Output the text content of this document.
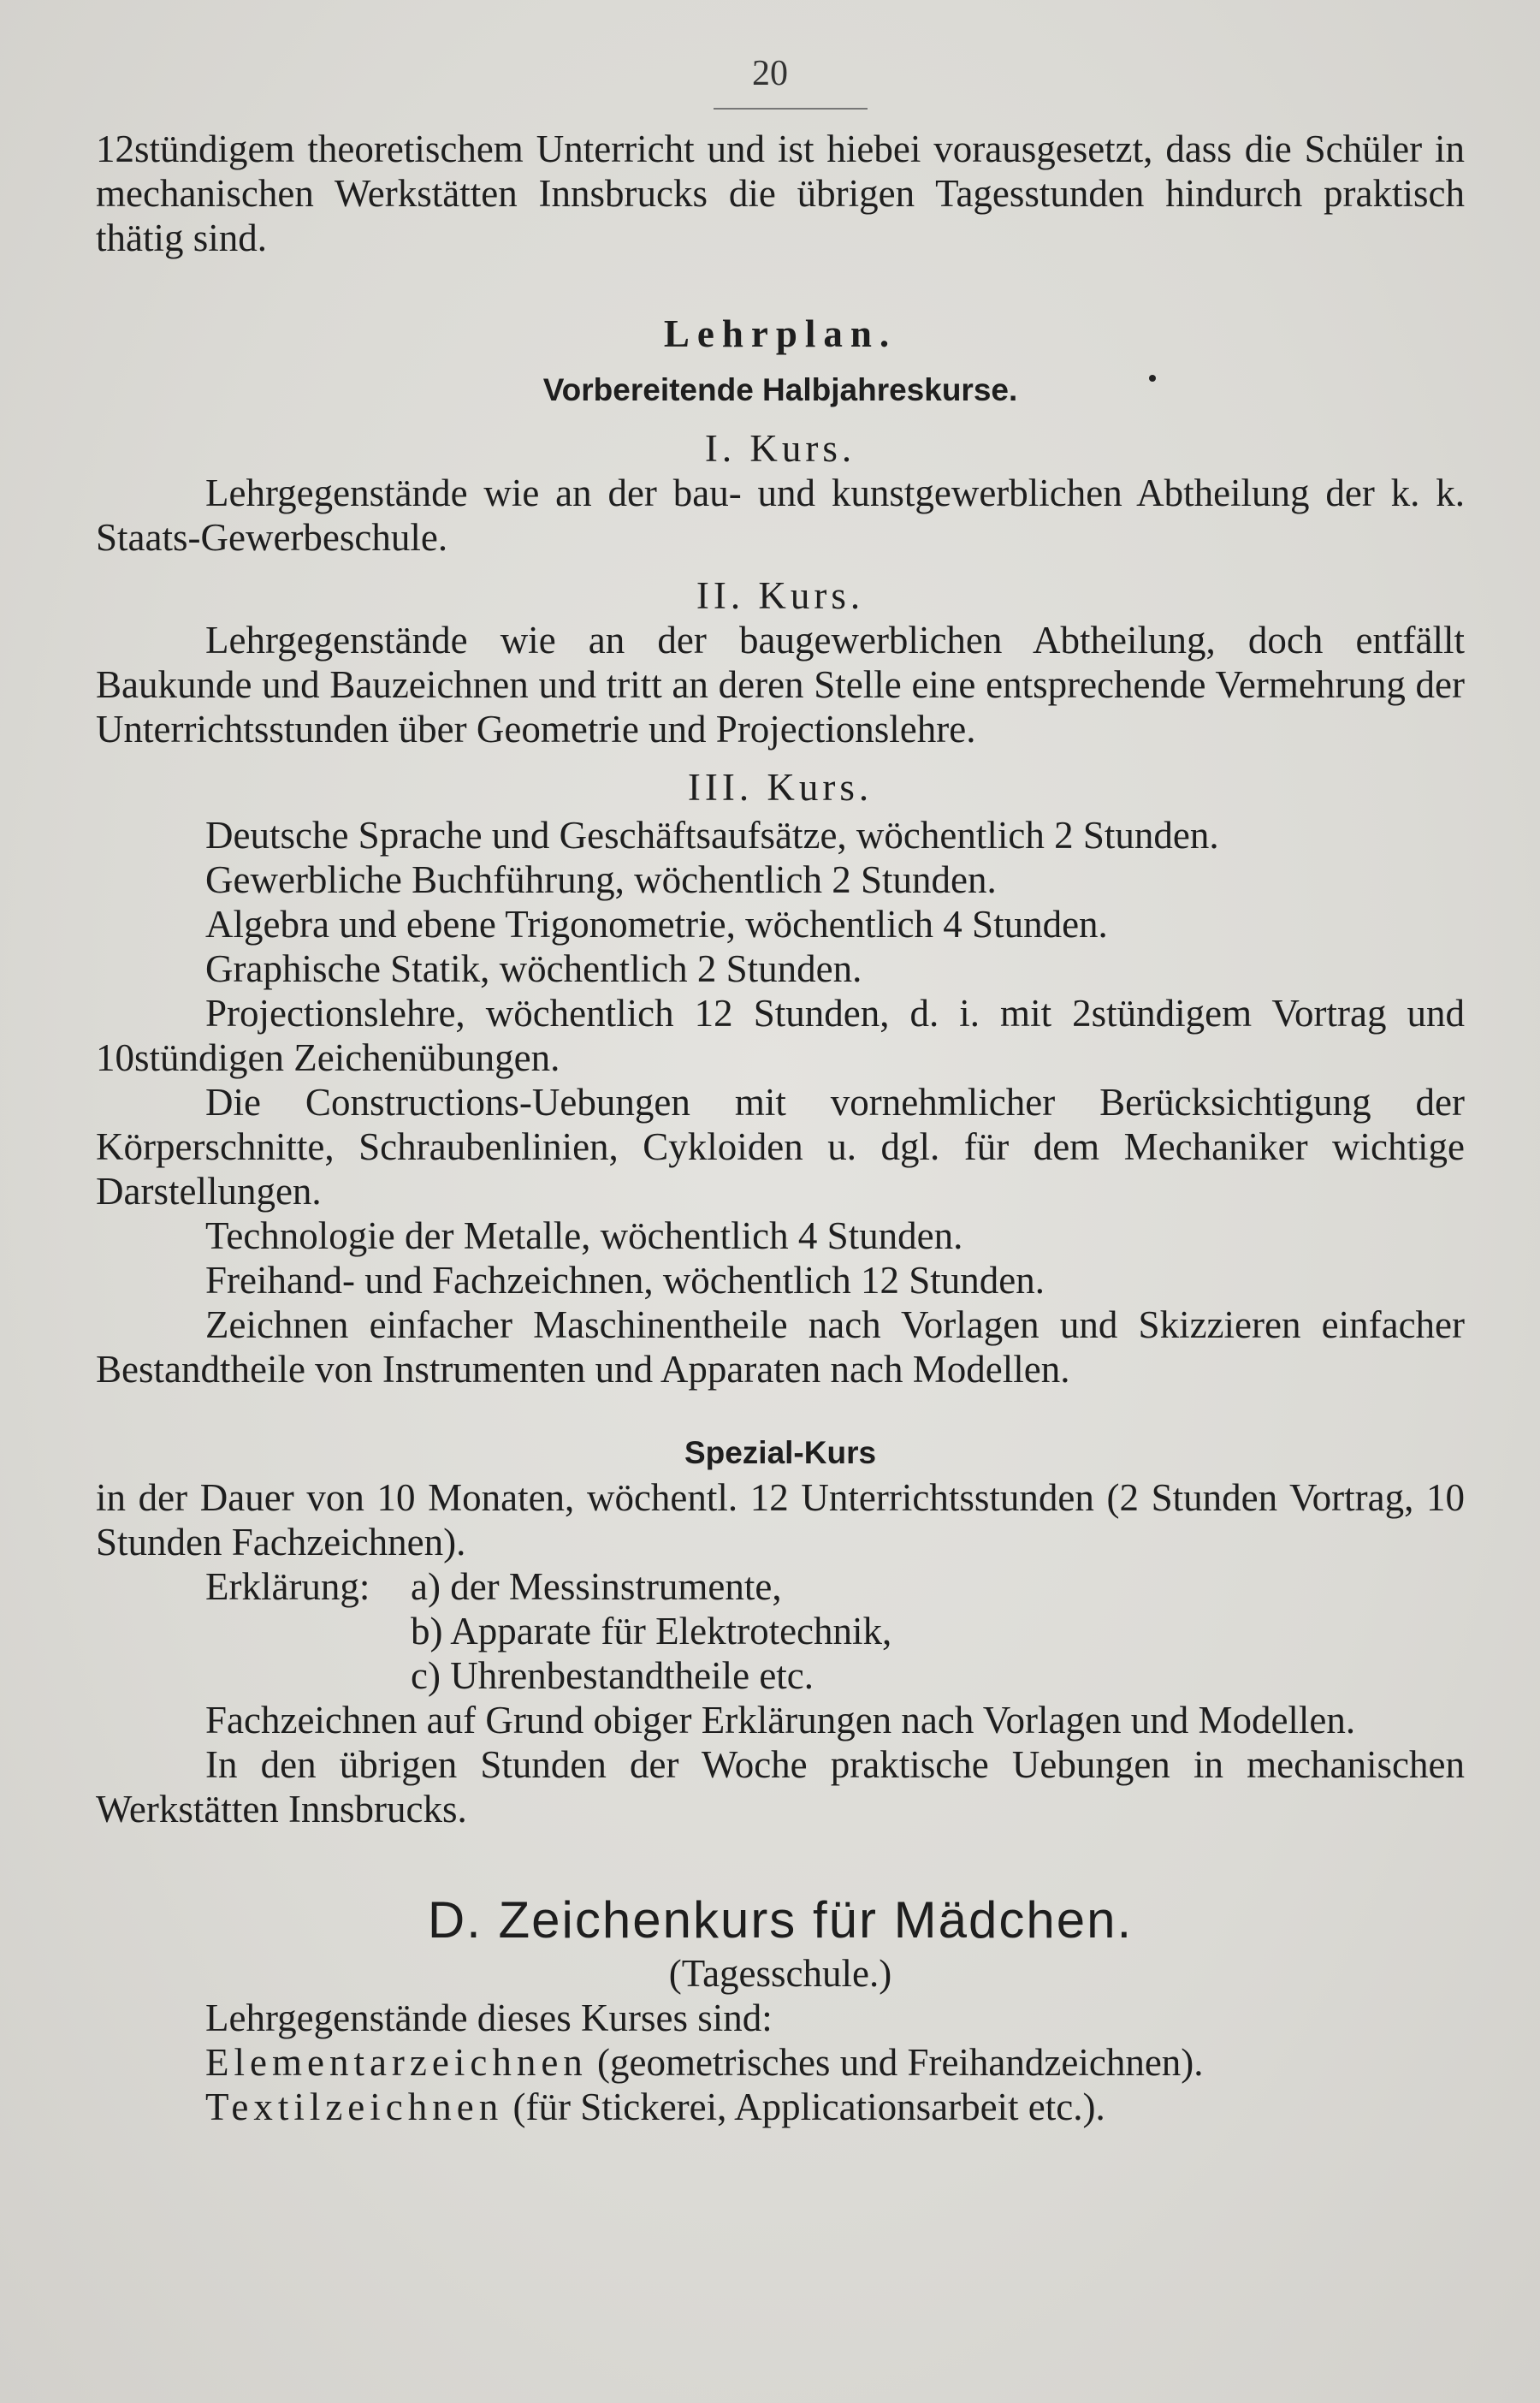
20

12stündigem theoretischem Unterricht und ist hiebei vorausgesetzt, dass die Schüler in mechanischen Werkstätten Innsbrucks die übrigen Tagesstunden hindurch praktisch thätig sind.

Lehrplan.

Vorbereitende Halbjahreskurse.

I. Kurs.

Lehrgegenstände wie an der bau- und kunstgewerblichen Abtheilung der k. k. Staats-Gewerbeschule.

II. Kurs.

Lehrgegenstände wie an der baugewerblichen Abtheilung, doch entfällt Baukunde und Bauzeichnen und tritt an deren Stelle eine entsprechende Vermehrung der Unterrichtsstunden über Geometrie und Projectionslehre.

III. Kurs.

Deutsche Sprache und Geschäftsaufsätze, wöchentlich 2 Stunden.

Gewerbliche Buchführung, wöchentlich 2 Stunden.

Algebra und ebene Trigonometrie, wöchentlich 4 Stunden.

Graphische Statik, wöchentlich 2 Stunden.

Projectionslehre, wöchentlich 12 Stunden, d. i. mit 2stündigem Vortrag und 10stündigen Zeichenübungen.

Die Constructions-Uebungen mit vornehmlicher Berücksichtigung der Körperschnitte, Schraubenlinien, Cykloiden u. dgl. für dem Mechaniker wichtige Darstellungen.

Technologie der Metalle, wöchentlich 4 Stunden.

Freihand- und Fachzeichnen, wöchentlich 12 Stunden.

Zeichnen einfacher Maschinentheile nach Vorlagen und Skizzieren einfacher Bestandtheile von Instrumenten und Apparaten nach Modellen.

Spezial-Kurs

in der Dauer von 10 Monaten, wöchentl. 12 Unterrichtsstunden (2 Stunden Vortrag, 10 Stunden Fachzeichnen).

Erklärung:	a) der Messinstrumente,
b) Apparate für Elektrotechnik,
c) Uhrenbestandtheile etc.

Fachzeichnen auf Grund obiger Erklärungen nach Vorlagen und Modellen.

In den übrigen Stunden der Woche praktische Uebungen in mechanischen Werkstätten Innsbrucks.

D. Zeichenkurs für Mädchen.

(Tagesschule.)

Lehrgegenstände dieses Kurses sind:

Elementarzeichnen (geometrisches und Freihandzeichnen).

Textilzeichnen (für Stickerei, Applicationsarbeit etc.).
